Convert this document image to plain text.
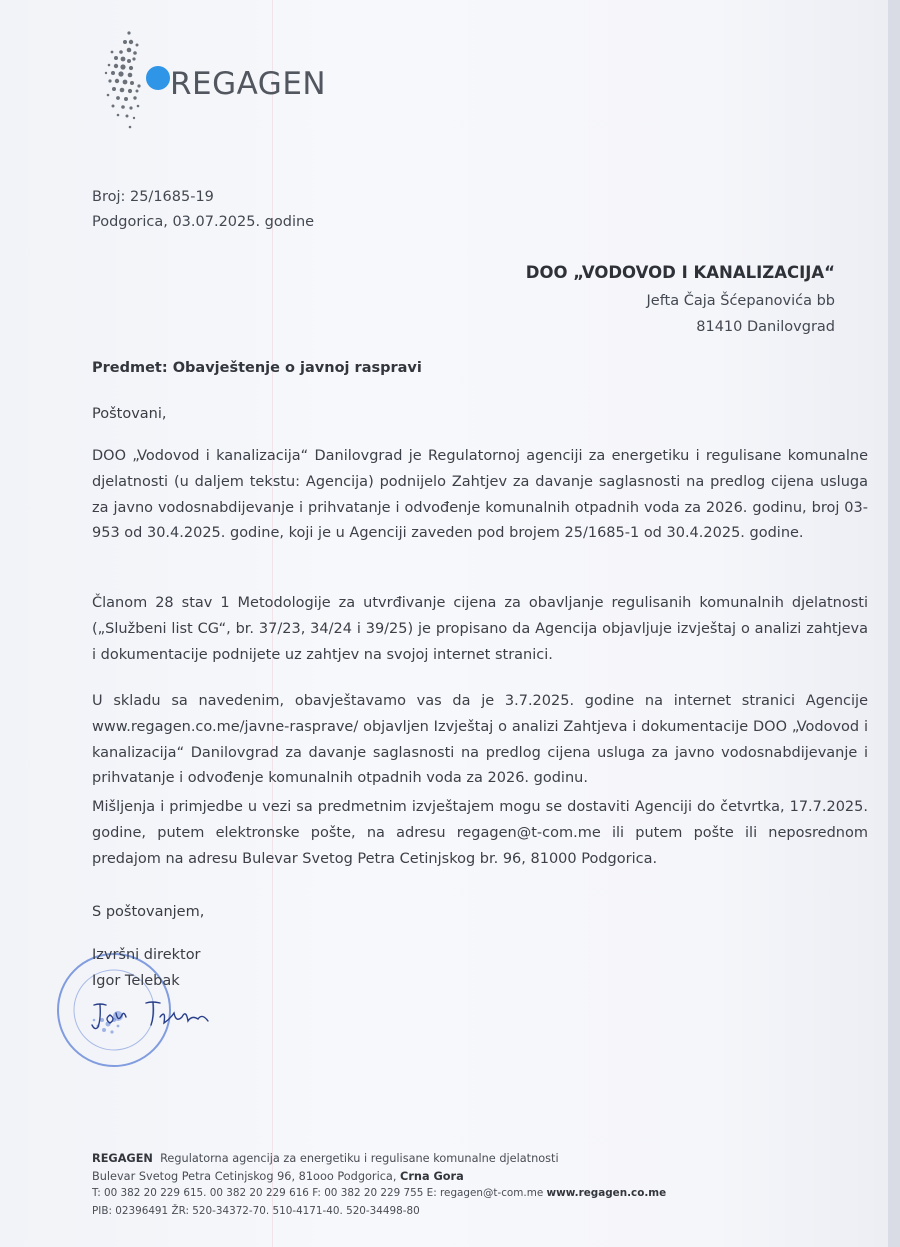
REGAGEN
Broj: 25/1685-19
Podgorica, 03.07.2025. godine
DOO „VODOVOD I KANALIZACIJA“
Jefta Čaja Šćepanovića bb
81410 Danilovgrad
Predmet: Obavještenje o javnoj raspravi
Poštovani,
DOO „Vodovod i kanalizacija“ Danilovgrad je Regulatornoj agenciji za energetiku i regulisane komunalne djelatnosti (u daljem tekstu: Agencija) podnijelo Zahtjev za davanje saglasnosti na predlog cijena usluga za javno vodosnabdijevanje i prihvatanje i odvođenje komunalnih otpadnih voda za 2026. godinu, broj 03-953 od 30.4.2025. godine, koji je u Agenciji zaveden pod brojem 25/1685-1 od 30.4.2025. godine.
Članom 28 stav 1 Metodologije za utvrđivanje cijena za obavljanje regulisanih komunalnih djelatnosti („Službeni list CG“, br. 37/23, 34/24 i 39/25) je propisano da Agencija objavljuje izvještaj o analizi zahtjeva i dokumentacije podnijete uz zahtjev na svojoj internet stranici.
U skladu sa navedenim, obavještavamo vas da je 3.7.2025. godine na internet stranici Agencije www.regagen.co.me/javne-rasprave/ objavljen Izvještaj o analizi Zahtjeva i dokumentacije DOO „Vodovod i kanalizacija“ Danilovgrad za davanje saglasnosti na predlog cijena usluga za javno vodosnabdijevanje i prihvatanje i odvođenje komunalnih otpadnih voda za 2026. godinu.
Mišljenja i primjedbe u vezi sa predmetnim izvještajem mogu se dostaviti Agenciji do četvrtka, 17.7.2025. godine, putem elektronske pošte, na adresu regagen@t-com.me ili putem pošte ili neposrednom predajom na adresu Bulevar Svetog Petra Cetinjskog br. 96, 81000 Podgorica.
S poštovanjem,
Izvršni direktor
Igor Telebak
REGAGEN Regulatorna agencija za energetiku i regulisane komunalne djelatnosti
Bulevar Svetog Petra Cetinjskog 96, 81ooo Podgorica, Crna Gora
T: 00 382 20 229 615. 00 382 20 229 616 F: 00 382 20 229 755 E: regagen@t-com.me www.regagen.co.me
PIB: 02396491 ŽR: 520-34372-70. 510-4171-40. 520-34498-80
